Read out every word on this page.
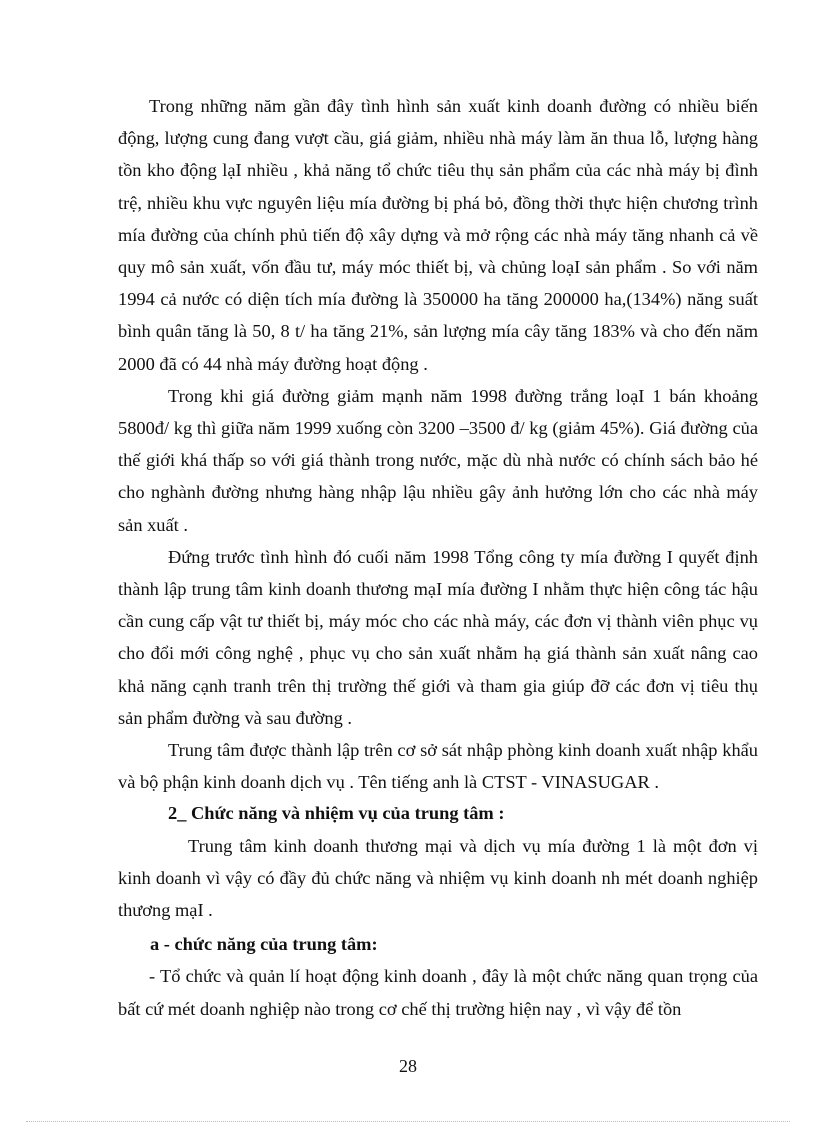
Trong những năm gần đây tình hình sản xuất kinh doanh đường có nhiều biến động, lượng cung đang vượt cầu, giá giảm, nhiều nhà máy làm ăn thua lỗ, lượng hàng tồn kho động lạI nhiều , khả năng tổ chức tiêu thụ sản phẩm của các nhà máy bị đình trệ, nhiều khu vực nguyên liệu mía đường bị phá bỏ, đồng thời thực hiện chương trình mía đường của chính phủ tiến độ xây dựng và mở rộng các nhà máy tăng nhanh cả về quy mô sản xuất, vốn đầu tư, máy móc thiết bị, và chủng loạI sản phẩm . So với năm 1994 cả nước có diện tích mía đường là 350000 ha tăng 200000 ha,(134%) năng suất bình quân tăng là 50, 8 t/ ha tăng 21%, sản lượng mía cây tăng 183% và cho đến năm 2000 đã có 44 nhà máy đường hoạt động .

Trong khi giá đường giảm mạnh năm 1998 đường trắng loạI 1 bán khoảng 5800đ/ kg thì giữa năm 1999 xuống còn 3200 –3500 đ/ kg (giảm 45%). Giá đường của thế giới khá thấp so với giá thành trong nước, mặc dù nhà nước có chính sách bảo hé cho nghành đường nhưng hàng nhập lậu nhiều gây ảnh hưởng lớn cho các nhà máy sản xuất .

Đứng trước tình hình đó cuối năm 1998 Tổng công ty mía đường I quyết định thành lập trung tâm kinh doanh thương mạI mía đường I nhằm thực hiện công tác hậu cần cung cấp vật tư thiết bị, máy móc cho các nhà máy, các đơn vị thành viên phục vụ cho đổi mới công nghệ , phục vụ cho sản xuất nhằm hạ giá thành sản xuất nâng cao khả năng cạnh tranh trên thị trường thế giới và tham gia giúp đỡ các đơn vị tiêu thụ sản phẩm đường và sau đường .

Trung tâm được thành lập trên cơ sở sát nhập phòng kinh doanh xuất nhập khẩu và bộ phận kinh doanh dịch vụ . Tên tiếng anh là CTST - VINASUGAR .

2_ Chức năng và nhiệm vụ của trung tâm :

Trung tâm kinh doanh thương mại và dịch vụ mía đường 1 là một đơn vị kinh doanh vì vậy có đầy đủ chức năng và nhiệm vụ kinh doanh nh mét doanh nghiệp thương mạI .

a - chức năng của trung tâm:

- Tổ chức và quản lí hoạt động kinh doanh , đây là một chức năng quan trọng của bất cứ mét doanh nghiệp nào trong cơ chế thị trường hiện nay , vì vậy để tồn

28
